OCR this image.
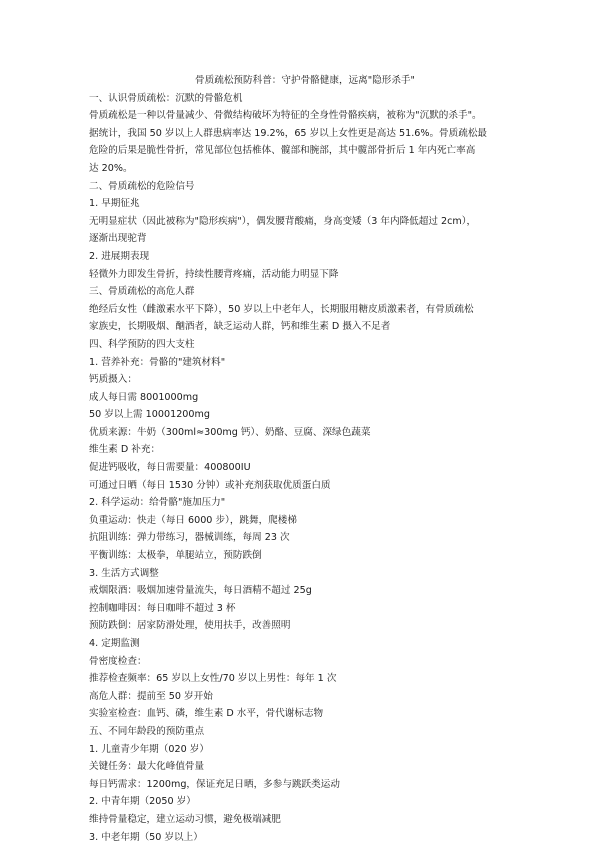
骨质疏松预防科普：守护骨骼健康，远离"隐形杀手"
一、认识骨质疏松：沉默的骨骼危机
骨质疏松是一种以骨量减少、骨微结构破坏为特征的全身性骨骼疾病，被称为"沉默的杀手"。
据统计，我国 50 岁以上人群患病率达 19.2%，65 岁以上女性更是高达 51.6%。骨质疏松最
危险的后果是脆性骨折，常见部位包括椎体、髋部和腕部，其中髋部骨折后 1 年内死亡率高
达 20%。
二、骨质疏松的危险信号
1. 早期征兆
无明显症状（因此被称为"隐形疾病"），偶发腰背酸痛，身高变矮（3 年内降低超过 2cm），
逐渐出现驼背
2. 进展期表现
轻微外力即发生骨折，持续性腰背疼痛，活动能力明显下降
三、骨质疏松的高危人群
绝经后女性（雌激素水平下降），50 岁以上中老年人，长期服用糖皮质激素者，有骨质疏松
家族史，长期吸烟、酗酒者，缺乏运动人群，钙和维生素 D 摄入不足者
四、科学预防的四大支柱
1. 营养补充：骨骼的"建筑材料"
钙质摄入：
成人每日需 8001000mg
50 岁以上需 10001200mg
优质来源：牛奶（300ml≈300mg 钙）、奶酪、豆腐、深绿色蔬菜
维生素 D 补充：
促进钙吸收，每日需要量：400800IU
可通过日晒（每日 1530 分钟）或补充剂获取优质蛋白质
2. 科学运动：给骨骼"施加压力"
负重运动：快走（每日 6000 步），跳舞，爬楼梯
抗阻训练：弹力带练习，器械训练，每周 23 次
平衡训练：太极拳，单腿站立，预防跌倒
3. 生活方式调整
戒烟限酒：吸烟加速骨量流失，每日酒精不超过 25g
控制咖啡因：每日咖啡不超过 3 杯
预防跌倒：居家防滑处理，使用扶手，改善照明
4. 定期监测
骨密度检查：
推荐检查频率：65 岁以上女性/70 岁以上男性：每年 1 次
高危人群：提前至 50 岁开始
实验室检查：血钙、磷，维生素 D 水平，骨代谢标志物
五、不同年龄段的预防重点
1. 儿童青少年期（020 岁）
关键任务：最大化峰值骨量
每日钙需求：1200mg，保证充足日晒，多参与跳跃类运动
2. 中青年期（2050 岁）
维持骨量稳定，建立运动习惯，避免极端减肥
3. 中老年期（50 岁以上）
